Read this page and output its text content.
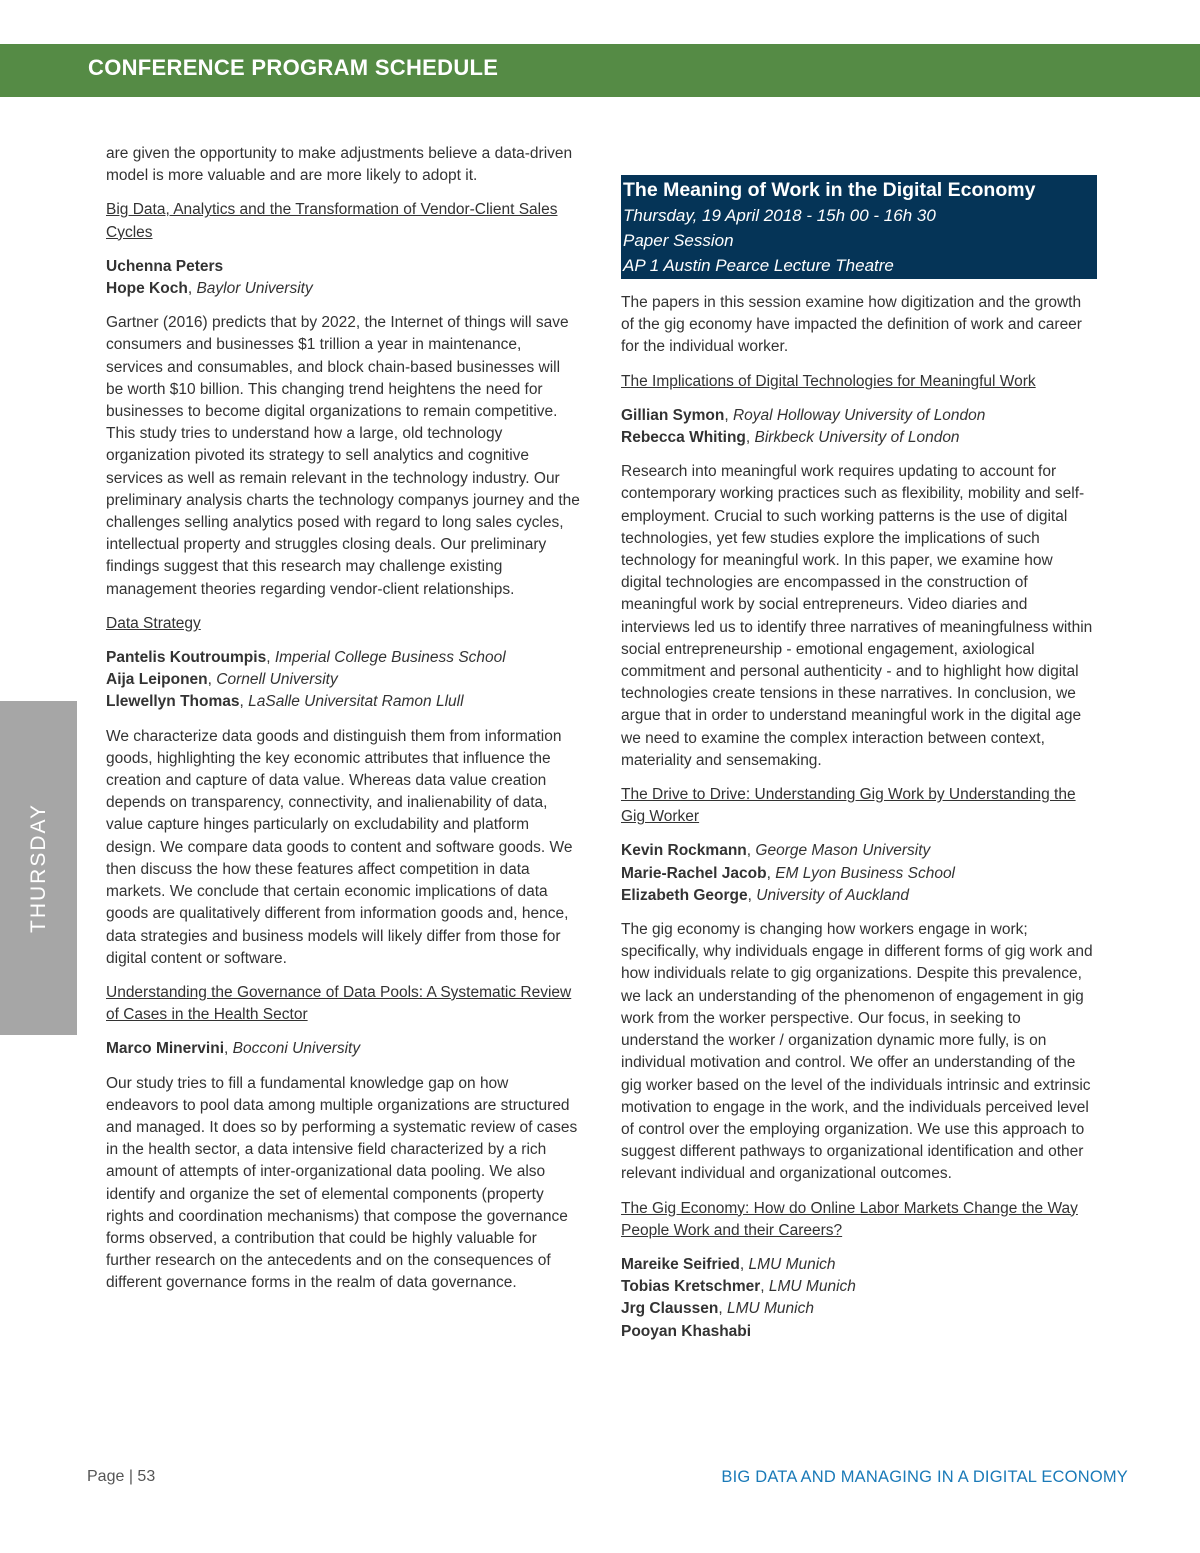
CONFERENCE PROGRAM SCHEDULE
THURSDAY

are given the opportunity to make adjustments believe a data-driven model is more valuable and are more likely to adopt it.

Big Data, Analytics and the Transformation of Vendor-Client Sales Cycles

Uchenna Peters
Hope Koch, Baylor University

Gartner (2016) predicts that by 2022, the Internet of things will save consumers and businesses $1 trillion a year in maintenance, services and consumables, and block chain-based businesses will be worth $10 billion. This changing trend heightens the need for businesses to become digital organizations to remain competitive. This study tries to understand how a large, old technology organization pivoted its strategy to sell analytics and cognitive services as well as remain relevant in the technology industry. Our preliminary analysis charts the technology companys journey and the challenges selling analytics posed with regard to long sales cycles, intellectual property and struggles closing deals. Our preliminary findings suggest that this research may challenge existing management theories regarding vendor-client relationships.

Data Strategy

Pantelis Koutroumpis, Imperial College Business School
Aija Leiponen, Cornell University
Llewellyn Thomas, LaSalle Universitat Ramon Llull

We characterize data goods and distinguish them from information goods, highlighting the key economic attributes that influence the creation and capture of data value. Whereas data value creation depends on transparency, connectivity, and inalienability of data, value capture hinges particularly on excludability and platform design. We compare data goods to content and software goods. We then discuss the how these features affect competition in data markets. We conclude that certain economic implications of data goods are qualitatively different from information goods and, hence, data strategies and business models will likely differ from those for digital content or software.

Understanding the Governance of Data Pools: A Systematic Review of Cases in the Health Sector

Marco Minervini, Bocconi University

Our study tries to fill a fundamental knowledge gap on how endeavors to pool data among multiple organizations are structured and managed. It does so by performing a systematic review of cases in the health sector, a data intensive field characterized by a rich amount of attempts of inter-organizational data pooling. We also identify and organize the set of elemental components (property rights and coordination mechanisms) that compose the governance forms observed, a contribution that could be highly valuable for further research on the antecedents and on the consequences of different governance forms in the realm of data governance.

The Meaning of Work in the Digital Economy
Thursday, 19 April 2018 - 15h 00 - 16h 30
Paper Session
AP 1 Austin Pearce Lecture Theatre

The papers in this session examine how digitization and the growth of the gig economy have impacted the definition of work and career for the individual worker.

The Implications of Digital Technologies for Meaningful Work

Gillian Symon, Royal Holloway University of London
Rebecca Whiting, Birkbeck University of London

Research into meaningful work requires updating to account for contemporary working practices such as flexibility, mobility and self-employment. Crucial to such working patterns is the use of digital technologies, yet few studies explore the implications of such technology for meaningful work. In this paper, we examine how digital technologies are encompassed in the construction of meaningful work by social entrepreneurs. Video diaries and interviews led us to identify three narratives of meaningfulness within social entrepreneurship - emotional engagement, axiological commitment and personal authenticity - and to highlight how digital technologies create tensions in these narratives. In conclusion, we argue that in order to understand meaningful work in the digital age we need to examine the complex interaction between context, materiality and sensemaking.

The Drive to Drive: Understanding Gig Work by Understanding the Gig Worker

Kevin Rockmann, George Mason University
Marie-Rachel Jacob, EM Lyon Business School
Elizabeth George, University of Auckland

The gig economy is changing how workers engage in work; specifically, why individuals engage in different forms of gig work and how individuals relate to gig organizations. Despite this prevalence, we lack an understanding of the phenomenon of engagement in gig work from the worker perspective. Our focus, in seeking to understand the worker / organization dynamic more fully, is on individual motivation and control. We offer an understanding of the gig worker based on the level of the individuals intrinsic and extrinsic motivation to engage in the work, and the individuals perceived level of control over the employing organization. We use this approach to suggest different pathways to organizational identification and other relevant individual and organizational outcomes.

The Gig Economy: How do Online Labor Markets Change the Way People Work and their Careers?

Mareike Seifried, LMU Munich
Tobias Kretschmer, LMU Munich
Jrg Claussen, LMU Munich
Pooyan Khashabi
Page | 53	BIG DATA AND MANAGING IN A DIGITAL ECONOMY
